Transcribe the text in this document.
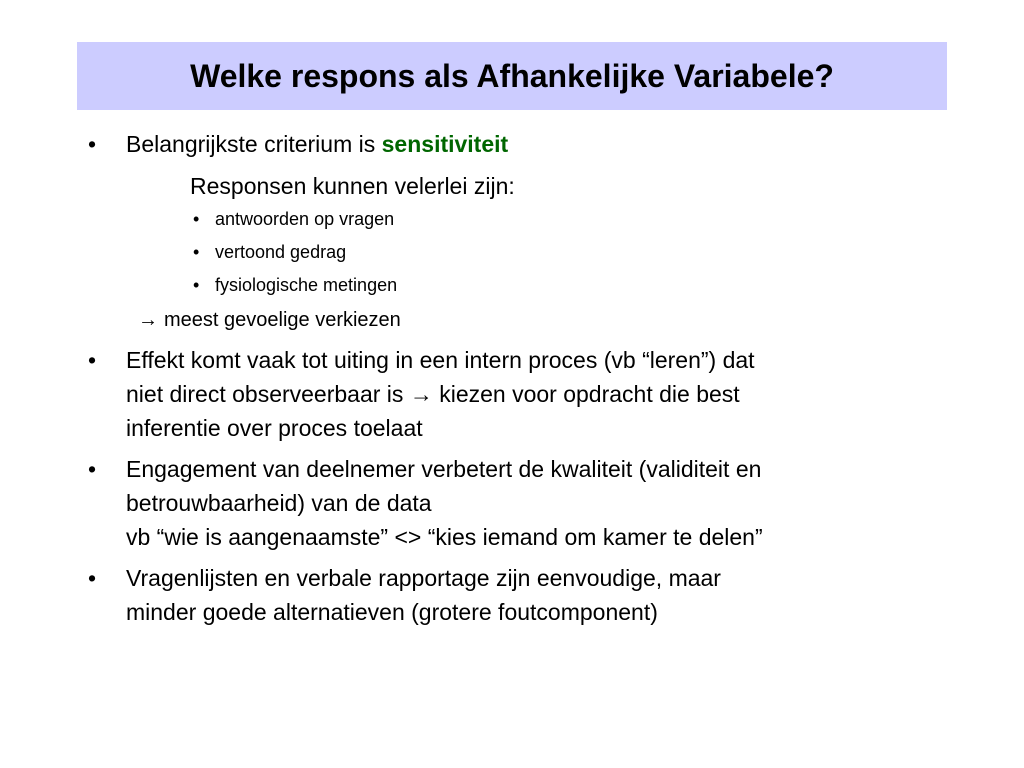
Welke respons als Afhankelijke Variabele?
• Belangrijkste criterium is sensitiviteit

Responsen kunnen velerlei zijn:

• antwoorden op vragen

• vertoond gedrag

• fysiologische metingen

→ meest gevoelige verkiezen

• Effekt komt vaak tot uiting in een intern proces (vb “leren”) dat

niet direct observeerbaar is → kiezen voor opdracht die best

inferentie over proces toelaat

• Engagement van deelnemer verbetert de kwaliteit (validiteit en

betrouwbaarheid) van de data

vb “wie is aangenaamste” <> “kies iemand om kamer te delen”

• Vragenlijsten en verbale rapportage zijn eenvoudige, maar

minder goede alternatieven (grotere foutcomponent)
